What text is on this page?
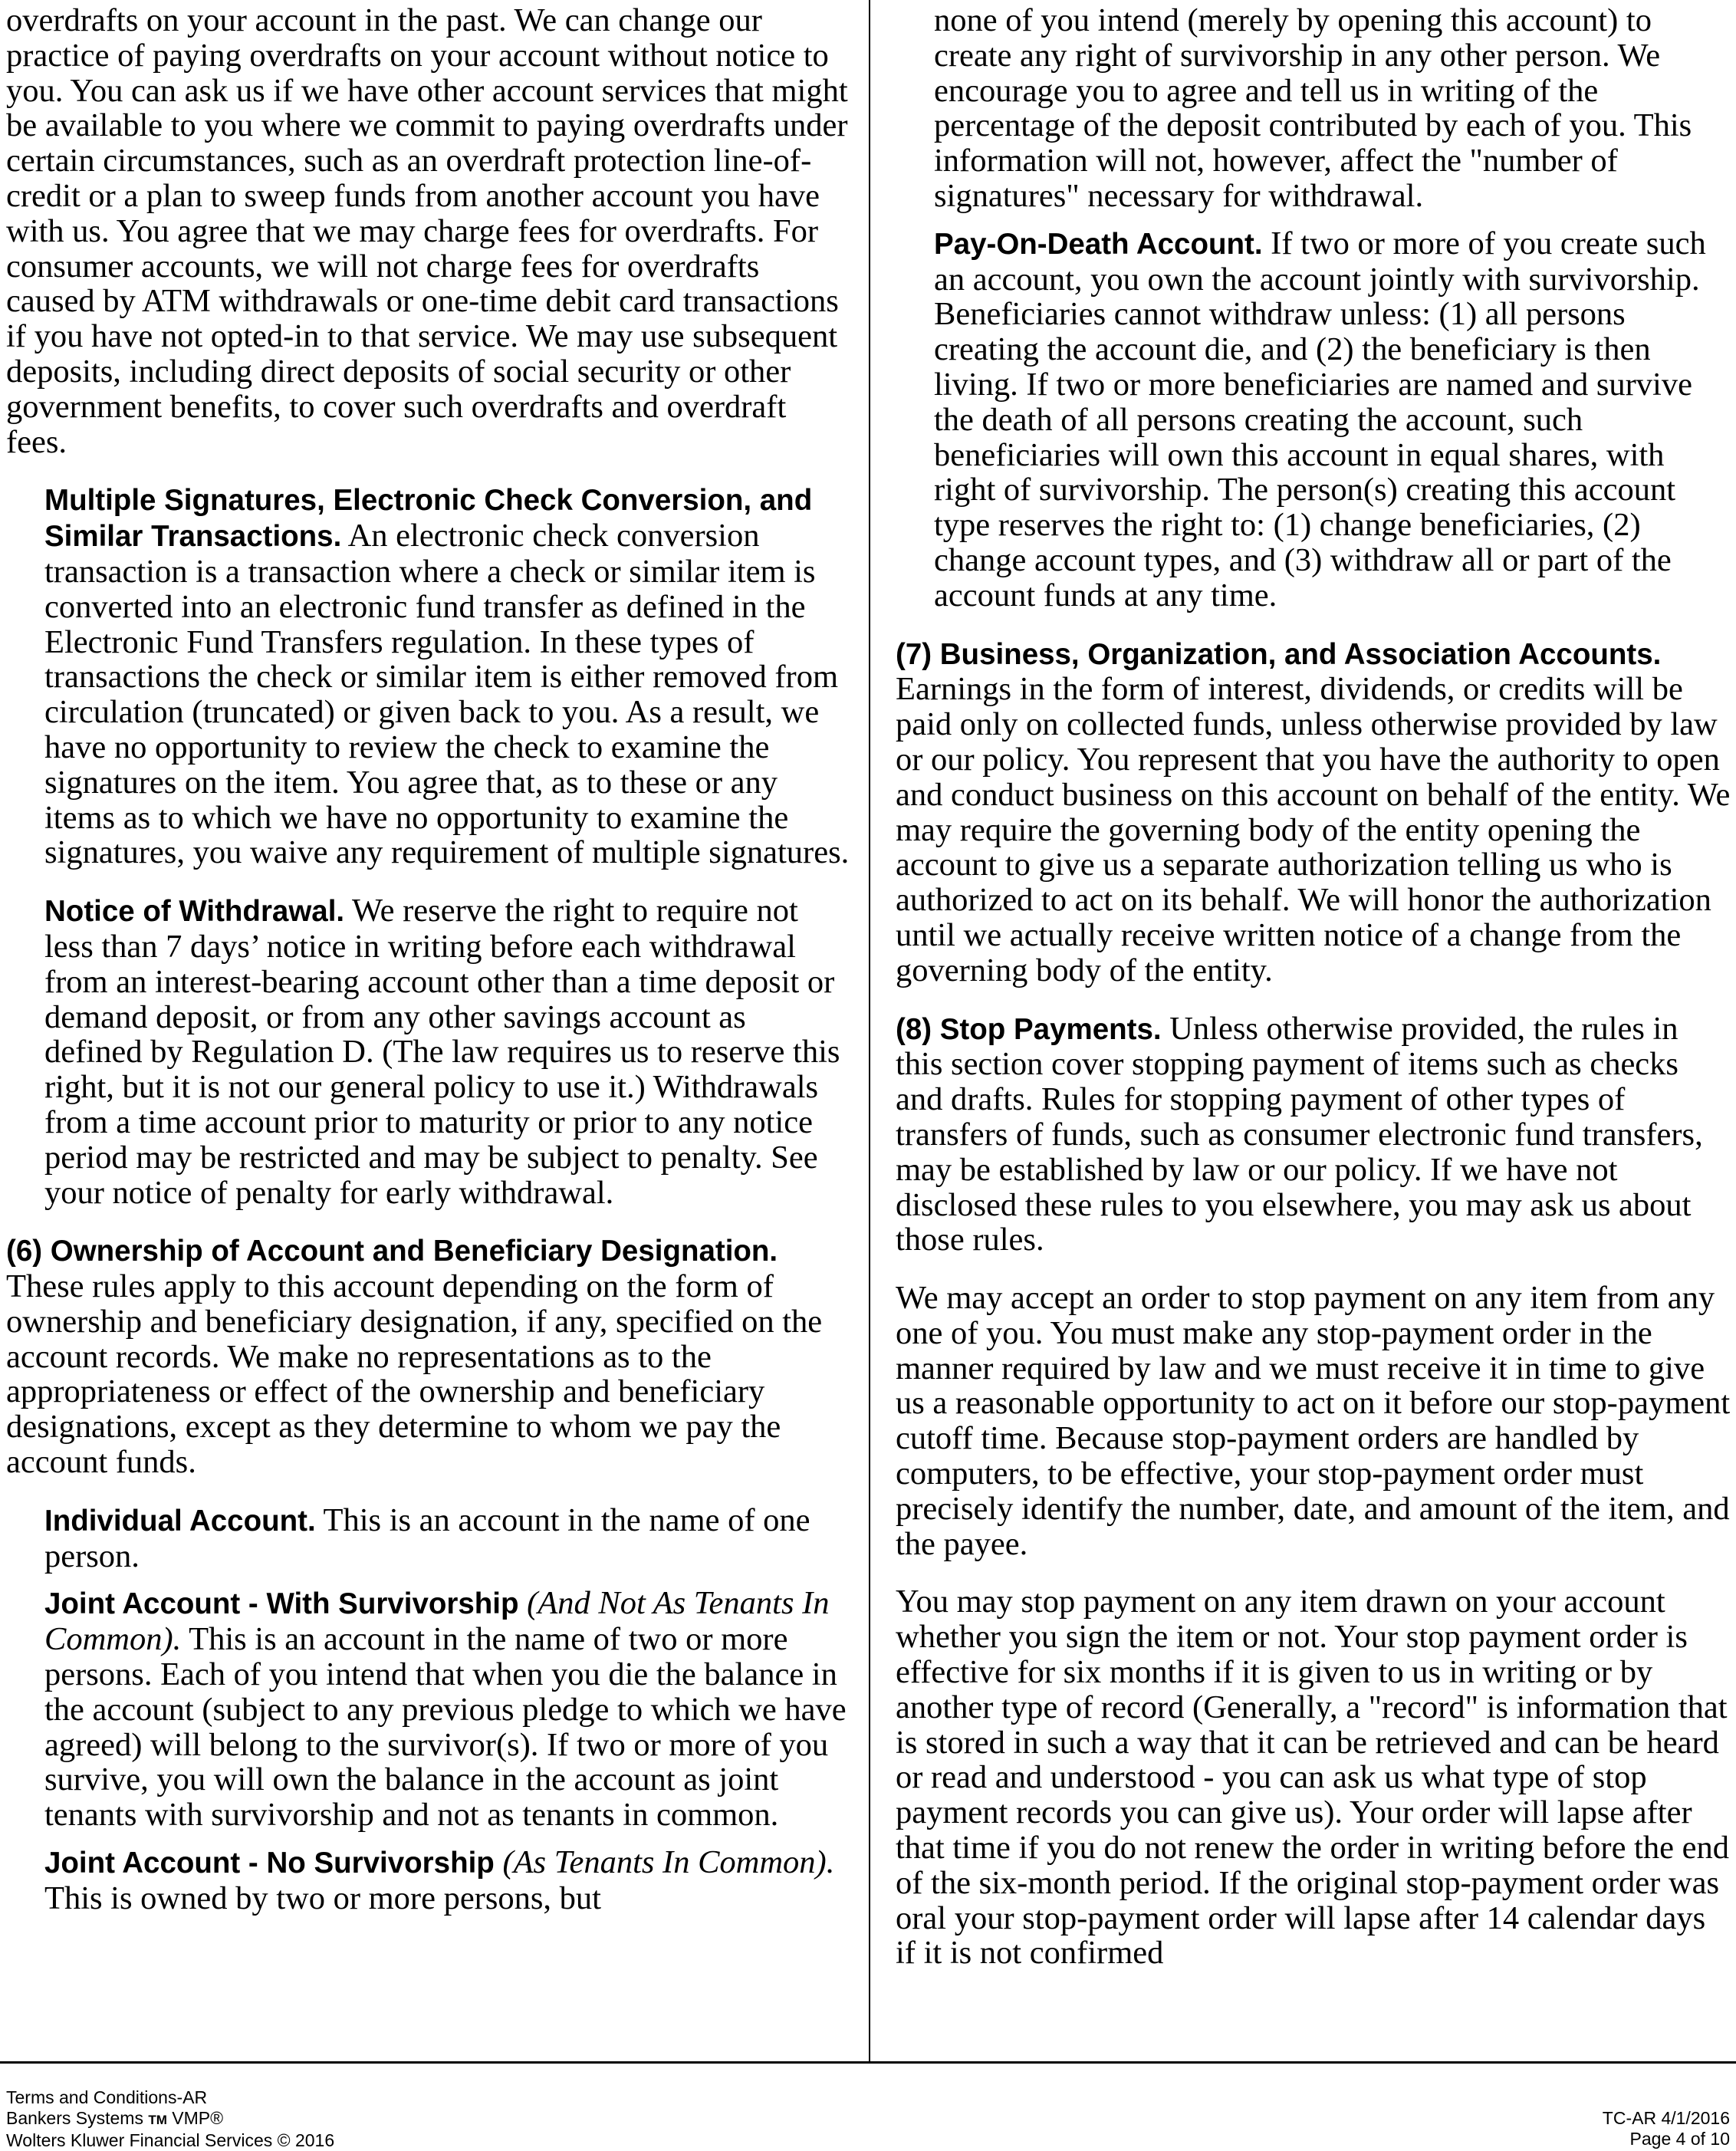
overdrafts on your account in the past. We can change our practice of paying overdrafts on your account without notice to you. You can ask us if we have other account services that might be available to you where we commit to paying overdrafts under certain circumstances, such as an overdraft protection line-of-credit or a plan to sweep funds from another account you have with us. You agree that we may charge fees for overdrafts. For consumer accounts, we will not charge fees for overdrafts caused by ATM withdrawals or one-time debit card transactions if you have not opted-in to that service. We may use subsequent deposits, including direct deposits of social security or other government benefits, to cover such overdrafts and overdraft fees.

Multiple Signatures, Electronic Check Conversion, and Similar Transactions. An electronic check conversion transaction is a transaction where a check or similar item is converted into an electronic fund transfer as defined in the Electronic Fund Transfers regulation. In these types of transactions the check or similar item is either removed from circulation (truncated) or given back to you. As a result, we have no opportunity to review the check to examine the signatures on the item. You agree that, as to these or any items as to which we have no opportunity to examine the signatures, you waive any requirement of multiple signatures.

Notice of Withdrawal. We reserve the right to require not less than 7 days’ notice in writing before each withdrawal from an interest-bearing account other than a time deposit or demand deposit, or from any other savings account as defined by Regulation D. (The law requires us to reserve this right, but it is not our general policy to use it.) Withdrawals from a time account prior to maturity or prior to any notice period may be restricted and may be subject to penalty. See your notice of penalty for early withdrawal.

(6) Ownership of Account and Beneficiary Designation. These rules apply to this account depending on the form of ownership and beneficiary designation, if any, specified on the account records. We make no representations as to the appropriateness or effect of the ownership and beneficiary designations, except as they determine to whom we pay the account funds.

Individual Account. This is an account in the name of one person.

Joint Account - With Survivorship (And Not As Tenants In Common). This is an account in the name of two or more persons. Each of you intend that when you die the balance in the account (subject to any previous pledge to which we have agreed) will belong to the survivor(s). If two or more of you survive, you will own the balance in the account as joint tenants with survivorship and not as tenants in common.

Joint Account - No Survivorship (As Tenants In Common). This is owned by two or more persons, but

none of you intend (merely by opening this account) to create any right of survivorship in any other person. We encourage you to agree and tell us in writing of the percentage of the deposit contributed by each of you. This information will not, however, affect the "number of signatures" necessary for withdrawal.

Pay-On-Death Account. If two or more of you create such an account, you own the account jointly with survivorship. Beneficiaries cannot withdraw unless: (1) all persons creating the account die, and (2) the beneficiary is then living. If two or more beneficiaries are named and survive the death of all persons creating the account, such beneficiaries will own this account in equal shares, with right of survivorship. The person(s) creating this account type reserves the right to: (1) change beneficiaries, (2) change account types, and (3) withdraw all or part of the account funds at any time.

(7) Business, Organization, and Association Accounts. Earnings in the form of interest, dividends, or credits will be paid only on collected funds, unless otherwise provided by law or our policy. You represent that you have the authority to open and conduct business on this account on behalf of the entity. We may require the governing body of the entity opening the account to give us a separate authorization telling us who is authorized to act on its behalf. We will honor the authorization until we actually receive written notice of a change from the governing body of the entity.

(8) Stop Payments. Unless otherwise provided, the rules in this section cover stopping payment of items such as checks and drafts. Rules for stopping payment of other types of transfers of funds, such as consumer electronic fund transfers, may be established by law or our policy. If we have not disclosed these rules to you elsewhere, you may ask us about those rules.

We may accept an order to stop payment on any item from any one of you. You must make any stop-payment order in the manner required by law and we must receive it in time to give us a reasonable opportunity to act on it before our stop-payment cutoff time. Because stop-payment orders are handled by computers, to be effective, your stop-payment order must precisely identify the number, date, and amount of the item, and the payee.

You may stop payment on any item drawn on your account whether you sign the item or not. Your stop payment order is effective for six months if it is given to us in writing or by another type of record (Generally, a "record" is information that is stored in such a way that it can be retrieved and can be heard or read and understood - you can ask us what type of stop payment records you can give us). Your order will lapse after that time if you do not renew the order in writing before the end of the six-month period. If the original stop-payment order was oral your stop-payment order will lapse after 14 calendar days if it is not confirmed

Terms and Conditions-AR
Bankers Systems TM VMP®
Wolters Kluwer Financial Services © 2016
TC-AR 4/1/2016
Page 4 of 10
